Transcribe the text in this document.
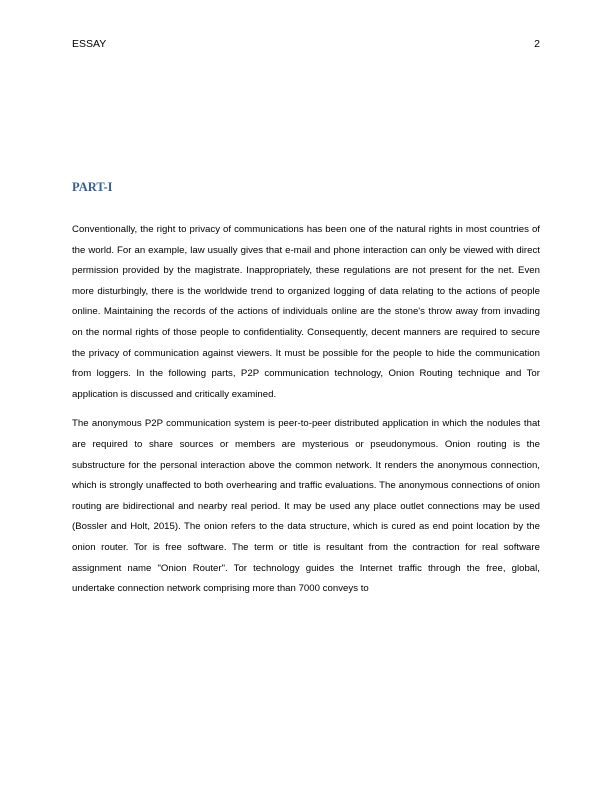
ESSAY	2
PART-I

Conventionally, the right to privacy of communications has been one of the natural rights in most countries of the world. For an example, law usually gives that e-mail and phone interaction can only be viewed with direct permission provided by the magistrate. Inappropriately, these regulations are not present for the net. Even more disturbingly, there is the worldwide trend to organized logging of data relating to the actions of people online. Maintaining the records of the actions of individuals online are the stone's throw away from invading on the normal rights of those people to confidentiality. Consequently, decent manners are required to secure the privacy of communication against viewers. It must be possible for the people to hide the communication from loggers. In the following parts, P2P communication technology, Onion Routing technique and Tor application is discussed and critically examined.

The anonymous P2P communication system is peer-to-peer distributed application in which the nodules that are required to share sources or members are mysterious or pseudonymous. Onion routing is the substructure for the personal interaction above the common network. It renders the anonymous connection, which is strongly unaffected to both overhearing and traffic evaluations. The anonymous connections of onion routing are bidirectional and nearby real period. It may be used any place outlet connections may be used (Bossler and Holt, 2015). The onion refers to the data structure, which is cured as end point location by the onion router. Tor is free software. The term or title is resultant from the contraction for real software assignment name "Onion Router". Tor technology guides the Internet traffic through the free, global, undertake connection network comprising more than 7000 conveys to
